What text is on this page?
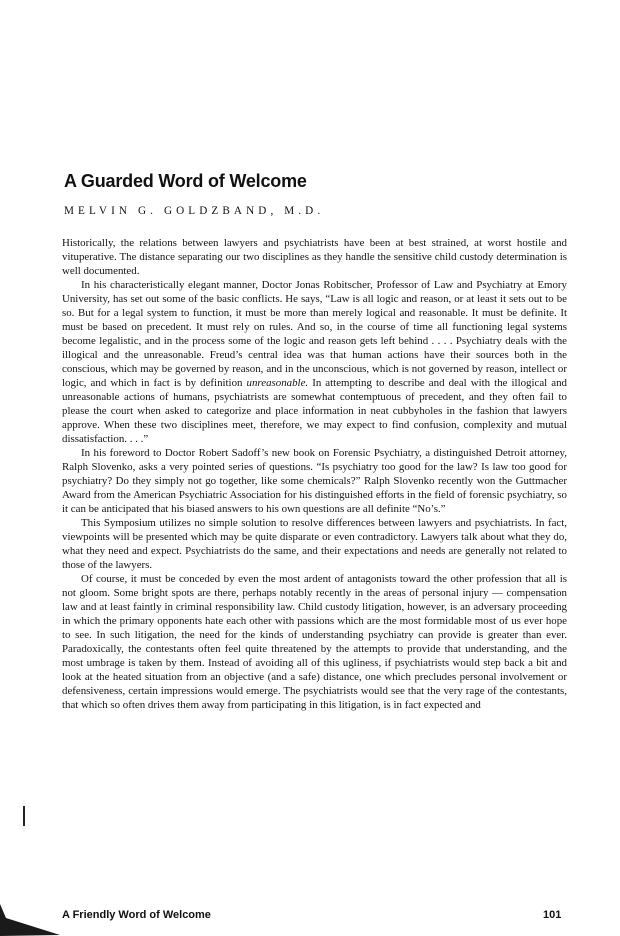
A Guarded Word of Welcome
MELVIN G. GOLDZBAND, M.D.

Historically, the relations between lawyers and psychiatrists have been at best strained, at worst hostile and vituperative. The distance separating our two disciplines as they handle the sensitive child custody determination is well documented.

In his characteristically elegant manner, Doctor Jonas Robitscher, Professor of Law and Psychiatry at Emory University, has set out some of the basic conflicts. He says, “Law is all logic and reason, or at least it sets out to be so. But for a legal system to function, it must be more than merely logical and reasonable. It must be definite. It must be based on precedent. It must rely on rules. And so, in the course of time all functioning legal systems become legalistic, and in the process some of the logic and reason gets left behind . . . . Psychiatry deals with the illogical and the unreasonable. Freud’s central idea was that human actions have their sources both in the conscious, which may be governed by reason, and in the unconscious, which is not governed by reason, intellect or logic, and which in fact is by definition unreasonable. In attempting to describe and deal with the illogical and unreasonable actions of humans, psychiatrists are somewhat contemptuous of precedent, and they often fail to please the court when asked to categorize and place information in neat cubbyholes in the fashion that lawyers approve. When these two disciplines meet, therefore, we may expect to find confusion, complexity and mutual dissatisfaction. . . .”

In his foreword to Doctor Robert Sadoff’s new book on Forensic Psychiatry, a distinguished Detroit attorney, Ralph Slovenko, asks a very pointed series of questions. “Is psychiatry too good for the law? Is law too good for psychiatry? Do they simply not go together, like some chemicals?” Ralph Slovenko recently won the Guttmacher Award from the American Psychiatric Association for his distinguished efforts in the field of forensic psychiatry, so it can be anticipated that his biased answers to his own questions are all definite “No’s.”

This Symposium utilizes no simple solution to resolve differences between lawyers and psychiatrists. In fact, viewpoints will be presented which may be quite disparate or even contradictory. Lawyers talk about what they do, what they need and expect. Psychiatrists do the same, and their expectations and needs are generally not related to those of the lawyers.

Of course, it must be conceded by even the most ardent of antagonists toward the other profession that all is not gloom. Some bright spots are there, perhaps notably recently in the areas of personal injury — compensation law and at least faintly in criminal responsibility law. Child custody litigation, however, is an adversary proceeding in which the primary opponents hate each other with passions which are the most formidable most of us ever hope to see. In such litigation, the need for the kinds of understanding psychiatry can provide is greater than ever. Paradoxically, the contestants often feel quite threatened by the attempts to provide that understanding, and the most umbrage is taken by them. Instead of avoiding all of this ugliness, if psychiatrists would step back a bit and look at the heated situation from an objective (and a safe) distance, one which precludes personal involvement or defensiveness, certain impressions would emerge. The psychiatrists would see that the very rage of the contestants, that which so often drives them away from participating in this litigation, is in fact expected and

A Friendly Word of Welcome	101
